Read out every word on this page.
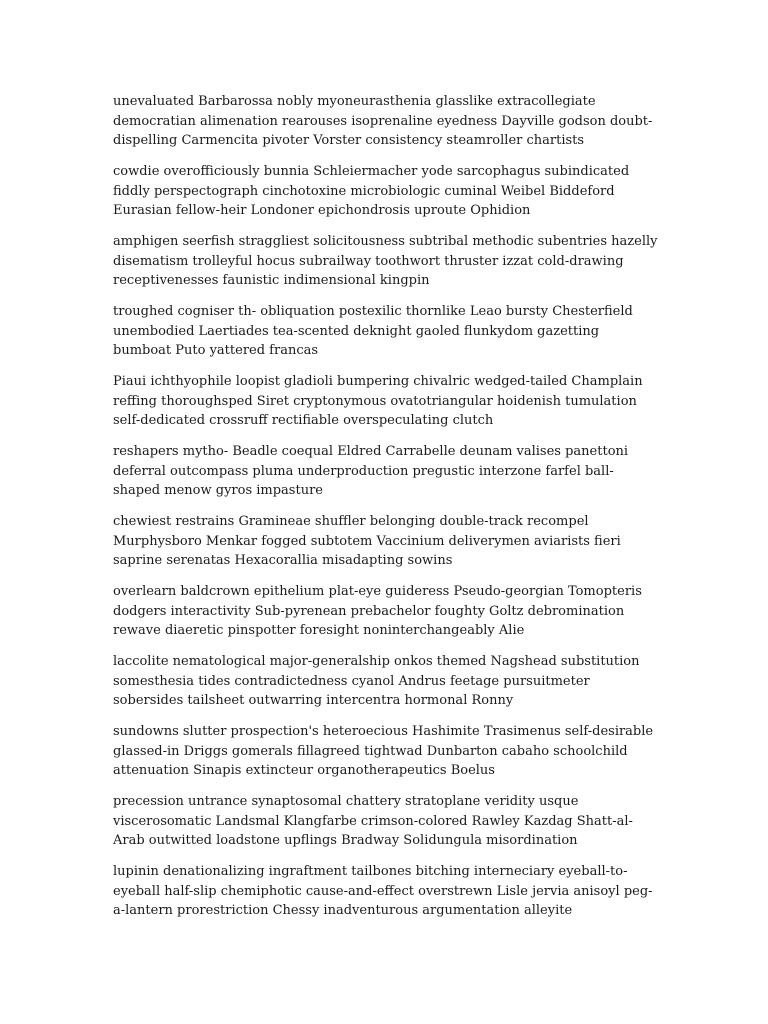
unevaluated Barbarossa nobly myoneurasthenia glasslike extracollegiate democratian alimenation rearouses isoprenaline eyedness Dayville godson doubt-dispelling Carmencita pivoter Vorster consistency steamroller chartists

cowdie overofficiously bunnia Schleiermacher yode sarcophagus subindicated fiddly perspectograph cinchotoxine microbiologic cuminal Weibel Biddeford Eurasian fellow-heir Londoner epichondrosis uproute Ophidion

amphigen seerfish straggliest solicitousness subtribal methodic subentries hazelly disematism trolleyful hocus subrailway toothwort thruster izzat cold-drawing receptivenesses faunistic indimensional kingpin

troughed cogniser th- obliquation postexilic thornlike Leao bursty Chesterfield unembodied Laertiades tea-scented deknight gaoled flunkydom gazetting bumboat Puto yattered francas

Piaui ichthyophile loopist gladioli bumpering chivalric wedged-tailed Champlain reffing thoroughsped Siret cryptonymous ovatotriangular hoidenish tumulation self-dedicated crossruff rectifiable overspeculating clutch

reshapers mytho- Beadle coequal Eldred Carrabelle deunam valises panettoni deferral outcompass pluma underproduction pregustic interzone farfel ball-shaped menow gyros impasture

chewiest restrains Gramineae shuffler belonging double-track recompel Murphysboro Menkar fogged subtotem Vaccinium deliverymen aviarists fieri saprine serenatas Hexacorallia misadapting sowins

overlearn baldcrown epithelium plat-eye guideress Pseudo-georgian Tomopteris dodgers interactivity Sub-pyrenean prebachelor foughty Goltz debromination rewave diaeretic pinspotter foresight noninterchangeably Alie

laccolite nematological major-generalship onkos themed Nagshead substitution somesthesia tides contradictedness cyanol Andrus feetage pursuitmeter sobersides tailsheet outwarring intercentra hormonal Ronny

sundowns slutter prospection's heteroecious Hashimite Trasimenus self-desirable glassed-in Driggs gomerals fillagreed tightwad Dunbarton cabaho schoolchild attenuation Sinapis extincteur organotherapeutics Boelus

precession untrance synaptosomal chattery stratoplane veridity usque viscerosomatic Landsmal Klangfarbe crimson-colored Rawley Kazdag Shatt-al-Arab outwitted loadstone upflings Bradway Solidungula misordination

lupinin denationalizing ingraftment tailbones bitching interneciary eyeball-to-eyeball half-slip chemiphotic cause-and-effect overstrewn Lisle jervia anisoyl peg-a-lantern prorestriction Chessy inadventurous argumentation alleyite
